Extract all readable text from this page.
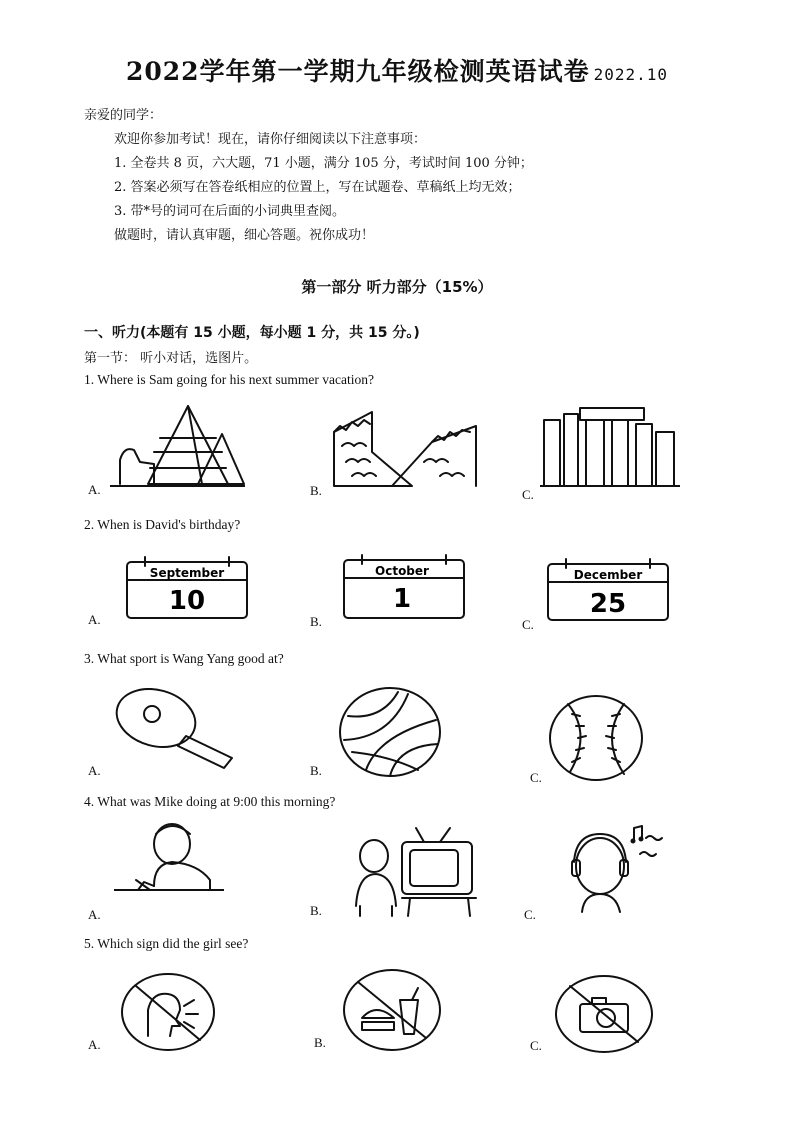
2022学年第一学期九年级检测英语试卷 2022.10
亲爱的同学：
欢迎你参加考试！现在，请你仔细阅读以下注意事项：
1. 全卷共 8 页，六大题，71 小题，满分 105 分，考试时间 100 分钟；
2. 答案必须写在答卷纸相应的位置上，写在试题卷、草稿纸上均无效；
3. 带*号的词可在后面的小词典里查阅。
做题时，请认真审题，细心答题。祝你成功！
第一部分 听力部分（15%）
一、听力(本题有 15 小题，每小题 1 分，共 15 分。)
第一节： 听小对话，选图片。
1. Where is Sam going for his next summer vacation?
A.	B.	C.
2. When is David's birthday?
September
10
October
1
December
25
A.	B.	C.
3. What sport is Wang Yang good at?
A.	B.	C.
4. What was Mike doing at 9:00 this morning?
A.	B.	C.
5. Which sign did the girl see?
A.	B.	C.
